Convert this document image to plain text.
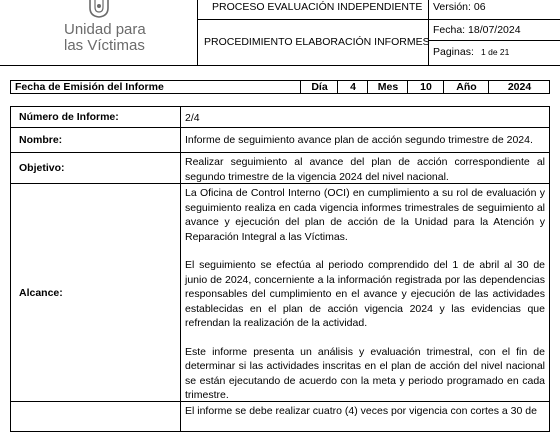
Unidad para
las Víctimas
PROCESO EVALUACIÓN INDEPENDIENTE
PROCEDIMIENTO ELABORACIÓN INFORMES
Versión: 06
Fecha: 18/07/2024
Paginas: 1 de 21
Fecha de Emisión del Informe	Día	4	Mes	10	Año	2024
Número de Informe:	2/4
Nombre:	Informe de seguimiento avance plan de acción segundo trimestre de 2024.
Objetivo:	Realizar seguimiento al avance del plan de acción correspondiente al segundo trimestre de la vigencia 2024 del nivel nacional.
Alcance:

La Oficina de Control Interno (OCI) en cumplimiento a su rol de evaluación y seguimiento realiza en cada vigencia informes trimestrales de seguimiento al avance y ejecución del plan de acción de la Unidad para la Atención y Reparación Integral a las Víctimas.

El seguimiento se efectúa al periodo comprendido del 1 de abril al 30 de junio de 2024, concerniente a la información registrada por las dependencias responsables del cumplimiento en el avance y ejecución de las actividades establecidas en el plan de acción vigencia 2024 y las evidencias que refrendan la realización de la actividad.

Este informe presenta un análisis y evaluación trimestral, con el fin de determinar si las actividades inscritas en el plan de acción del nivel nacional se están ejecutando de acuerdo con la meta y periodo programado en cada trimestre.

El informe se debe realizar cuatro (4) veces por vigencia con cortes a 30 de
